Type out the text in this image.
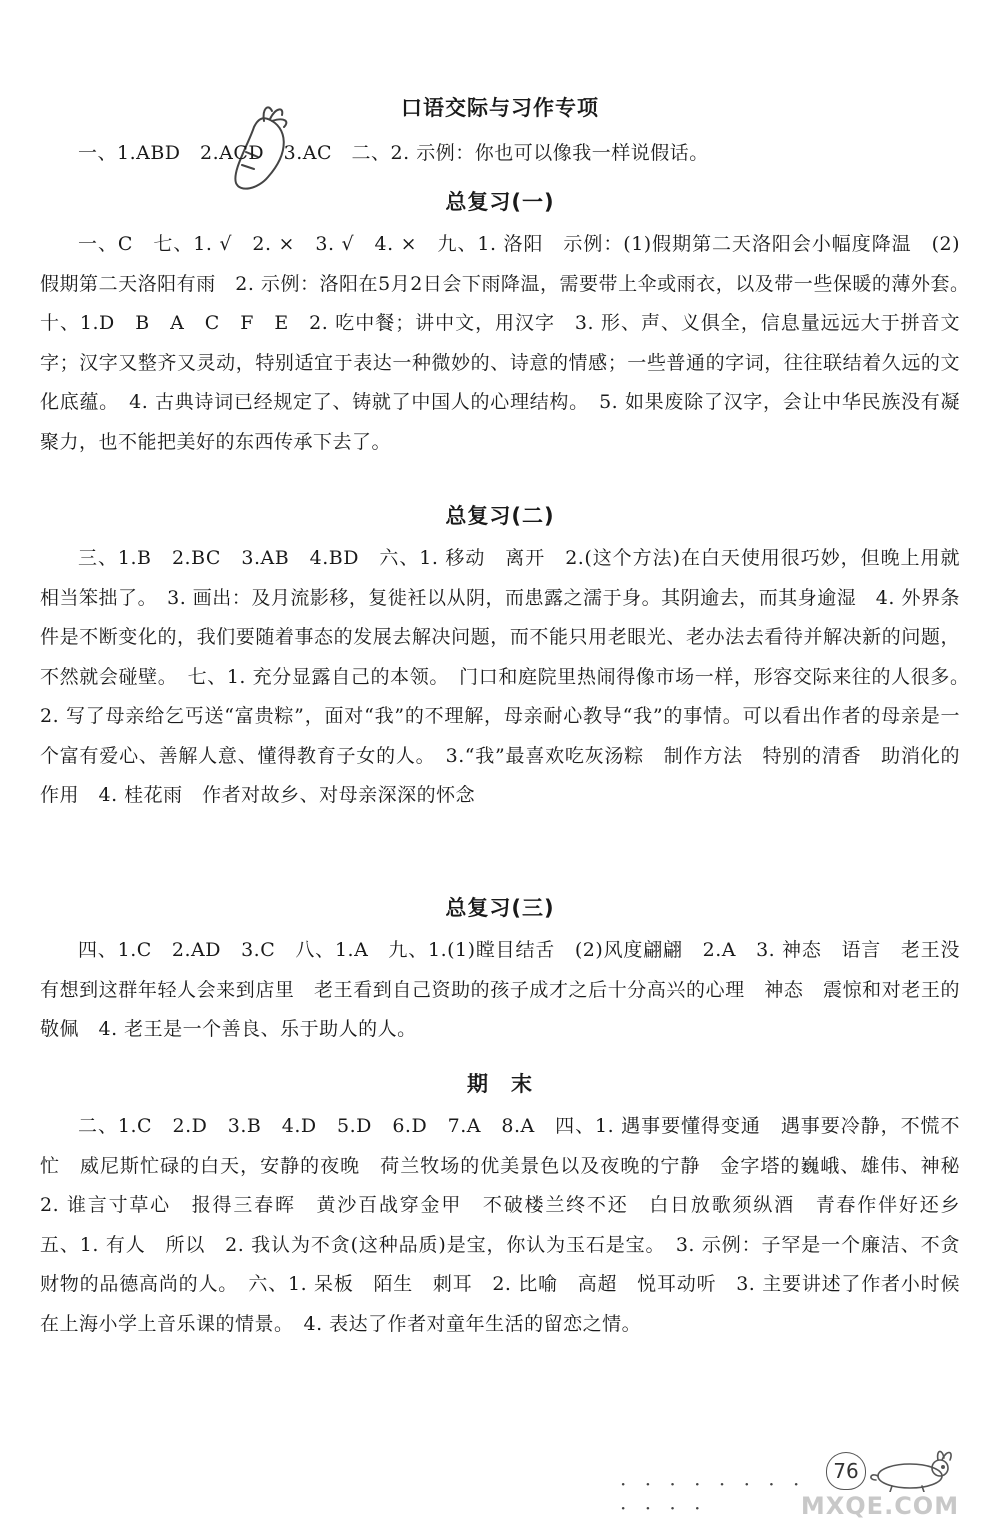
口语交际与习作专项

一、1.ABD　2.ACD　3.AC　二、2. 示例：你也可以像我一样说假话。

总复习(一)

一、C　七、1. √　2. ×　3. √　4. ×　九、1. 洛阳　示例：(1)假期第二天洛阳会小幅度降温　(2)假期第二天洛阳有雨　2. 示例：洛阳在5月2日会下雨降温，需要带上伞或雨衣，以及带一些保暖的薄外套。　十、1.D　B　A　C　F　E　2. 吃中餐；讲中文，用汉字　3. 形、声、义俱全，信息量远远大于拼音文字；汉字又整齐又灵动，特别适宜于表达一种微妙的、诗意的情感；一些普通的字词，往往联结着久远的文化底蕴。　4. 古典诗词已经规定了、铸就了中国人的心理结构。　5. 如果废除了汉字，会让中华民族没有凝聚力，也不能把美好的东西传承下去了。

总复习(二)

三、1.B　2.BC　3.AB　4.BD　六、1. 移动　离开　2.(这个方法)在白天使用很巧妙，但晚上用就相当笨拙了。　3. 画出：及月流影移，复徙衽以从阴，而患露之濡于身。其阴逾去，而其身逾湿　4. 外界条件是不断变化的，我们要随着事态的发展去解决问题，而不能只用老眼光、老办法去看待并解决新的问题，不然就会碰壁。　七、1. 充分显露自己的本领。　门口和庭院里热闹得像市场一样，形容交际来往的人很多。　2. 写了母亲给乞丐送“富贵粽”，面对“我”的不理解，母亲耐心教导“我”的事情。可以看出作者的母亲是一个富有爱心、善解人意、懂得教育子女的人。　3.“我”最喜欢吃灰汤粽　制作方法　特别的清香　助消化的作用　4. 桂花雨　作者对故乡、对母亲深深的怀念

总复习(三)

四、1.C　2.AD　3.C　八、1.A　九、1.(1)瞠目结舌　(2)风度翩翩　2.A　3. 神态　语言　老王没有想到这群年轻人会来到店里　老王看到自己资助的孩子成才之后十分高兴的心理　神态　震惊和对老王的敬佩　4. 老王是一个善良、乐于助人的人。

期　末

二、1.C　2.D　3.B　4.D　5.D　6.D　7.A　8.A　四、1. 遇事要懂得变通　遇事要冷静，不慌不忙　威尼斯忙碌的白天，安静的夜晚　荷兰牧场的优美景色以及夜晚的宁静　金字塔的巍峨、雄伟、神秘　2. 谁言寸草心　报得三春晖　黄沙百战穿金甲　不破楼兰终不还　白日放歌须纵酒　青春作伴好还乡　五、1. 有人　所以　2. 我认为不贪(这种品质)是宝，你认为玉石是宝。　3. 示例：子罕是一个廉洁、不贪财物的品德高尚的人。　六、1. 呆板　陌生　刺耳　2. 比喻　高超　悦耳动听　3. 主要讲述了作者小时候在上海小学上音乐课的情景。　4. 表达了作者对童年生活的留恋之情。

· · · · · · · · · · · ·
76
MXQE.COM
